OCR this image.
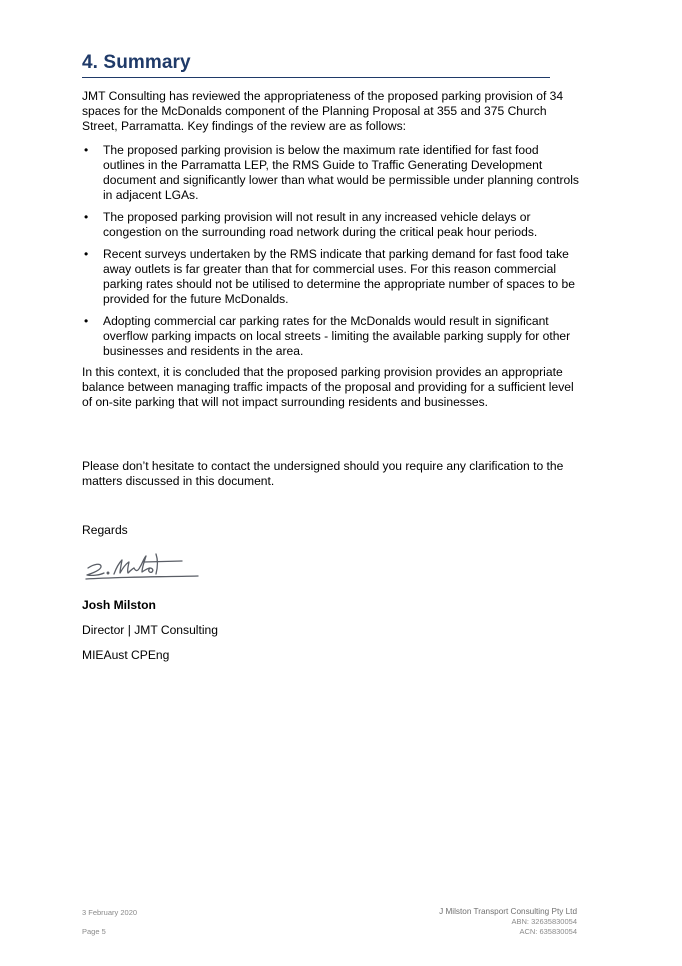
4. Summary

JMT Consulting has reviewed the appropriateness of the proposed parking provision of 34 spaces for the McDonalds component of the Planning Proposal at 355 and 375 Church Street, Parramatta. Key findings of the review are as follows:

• The proposed parking provision is below the maximum rate identified for fast food outlines in the Parramatta LEP, the RMS Guide to Traffic Generating Development document and significantly lower than what would be permissible under planning controls in adjacent LGAs.
• The proposed parking provision will not result in any increased vehicle delays or congestion on the surrounding road network during the critical peak hour periods.
• Recent surveys undertaken by the RMS indicate that parking demand for fast food take away outlets is far greater than that for commercial uses. For this reason commercial parking rates should not be utilised to determine the appropriate number of spaces to be provided for the future McDonalds.
• Adopting commercial car parking rates for the McDonalds would result in significant overflow parking impacts on local streets - limiting the available parking supply for other businesses and residents in the area.

In this context, it is concluded that the proposed parking provision provides an appropriate balance between managing traffic impacts of the proposal and providing for a sufficient level of on-site parking that will not impact surrounding residents and businesses.

Please don’t hesitate to contact the undersigned should you require any clarification to the matters discussed in this document.

Regards

Josh Milston

Director | JMT Consulting

MIEAust CPEng

3 February 2020
Page 5
J Milston Transport Consulting Pty Ltd
ABN: 32635830054
ACN: 635830054
